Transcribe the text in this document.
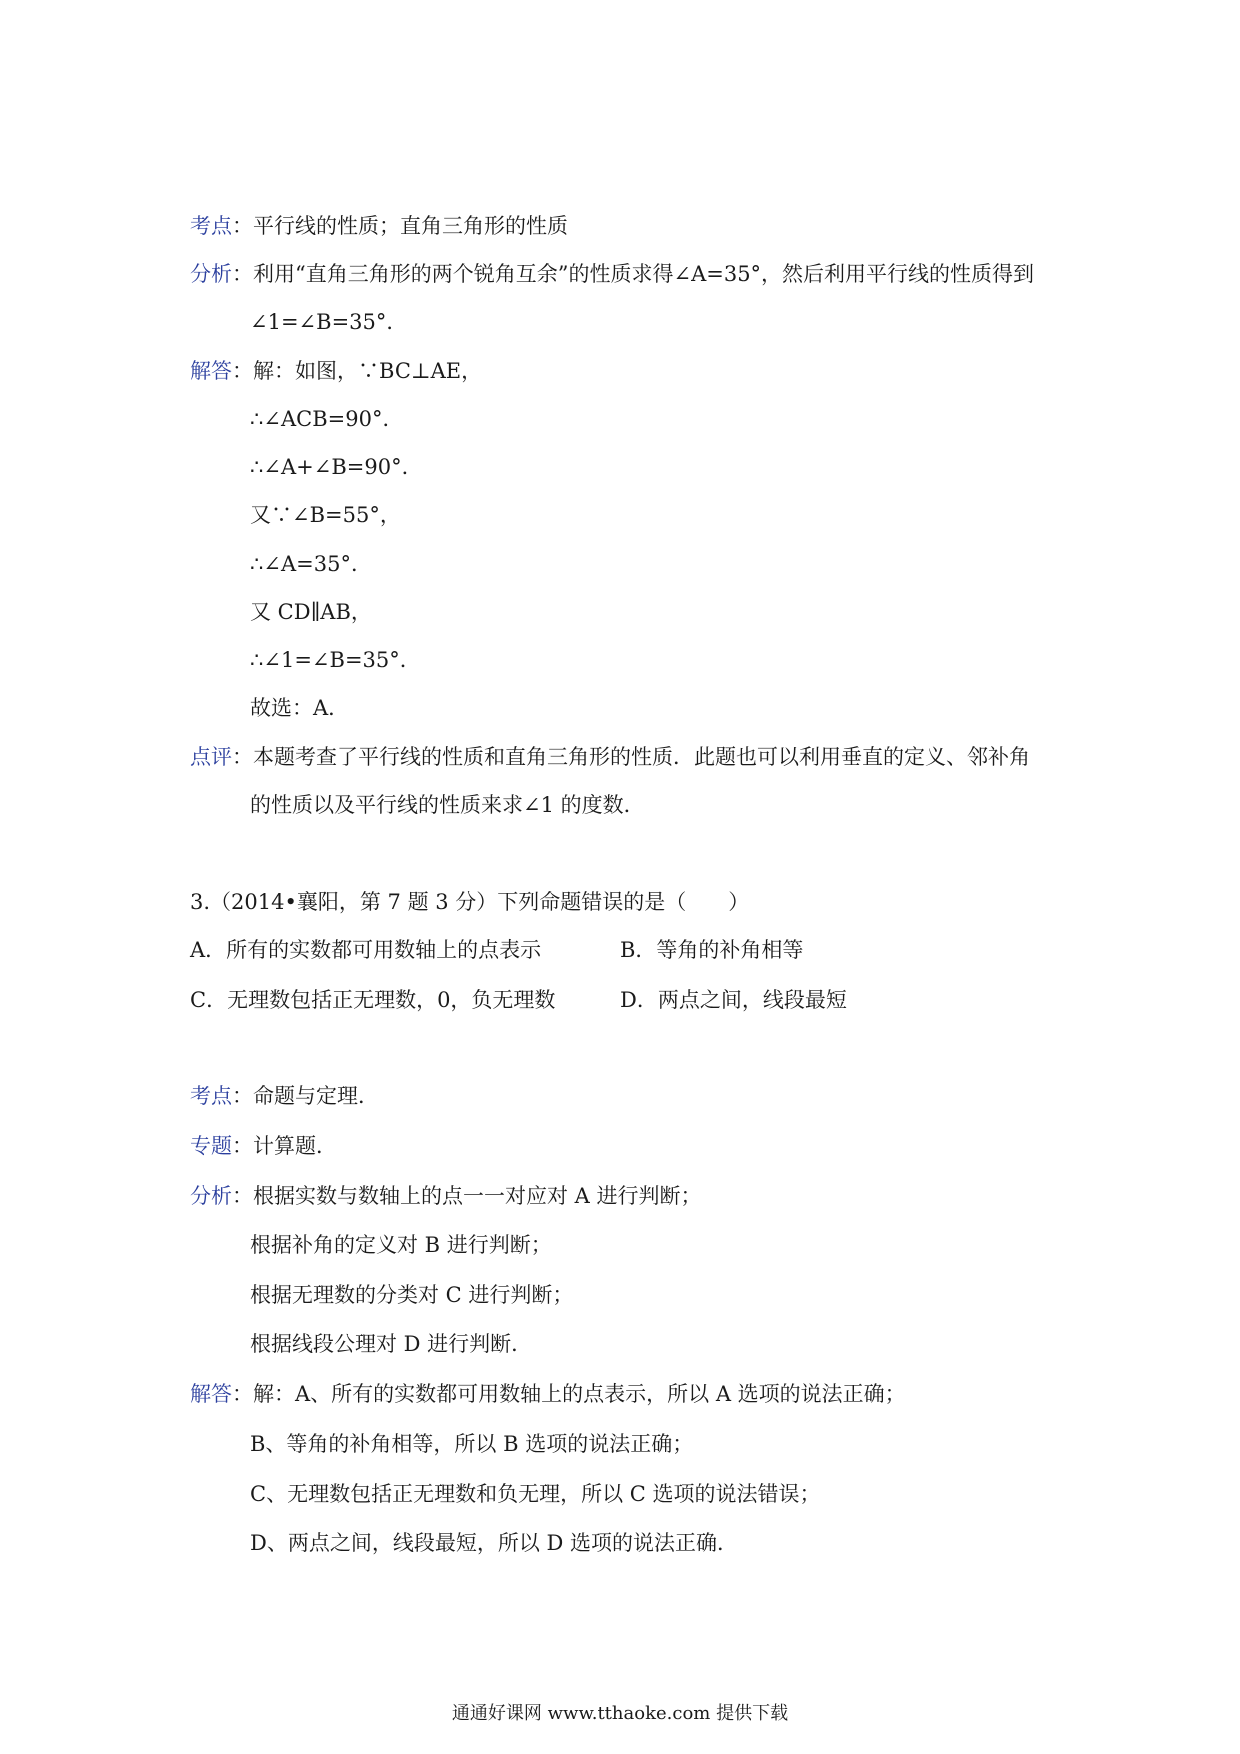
考点：平行线的性质；直角三角形的性质
分析：利用“直角三角形的两个锐角互余”的性质求得∠A=35°，然后利用平行线的性质得到
∠1=∠B=35°．
解答：解：如图，∵BC⊥AE，
∴∠ACB=90°．
∴∠A+∠B=90°．
又∵∠B=55°，
∴∠A=35°．
又 CD∥AB，
∴∠1=∠B=35°．
故选：A．
点评：本题考查了平行线的性质和直角三角形的性质．此题也可以利用垂直的定义、邻补角
的性质以及平行线的性质来求∠1 的度数．
3.（2014•襄阳，第 7 题 3 分）下列命题错误的是（　　）
A．所有的实数都可用数轴上的点表示	B．等角的补角相等
C．无理数包括正无理数，0，负无理数	D．两点之间，线段最短
考点：命题与定理．
专题：计算题．
分析：根据实数与数轴上的点一一对应对 A 进行判断；
根据补角的定义对 B 进行判断；
根据无理数的分类对 C 进行判断；
根据线段公理对 D 进行判断．
解答：解：A、所有的实数都可用数轴上的点表示，所以 A 选项的说法正确；
B、等角的补角相等，所以 B 选项的说法正确；
C、无理数包括正无理数和负无理，所以 C 选项的说法错误；
D、两点之间，线段最短，所以 D 选项的说法正确．
通通好课网 www.tthaoke.com 提供下载
